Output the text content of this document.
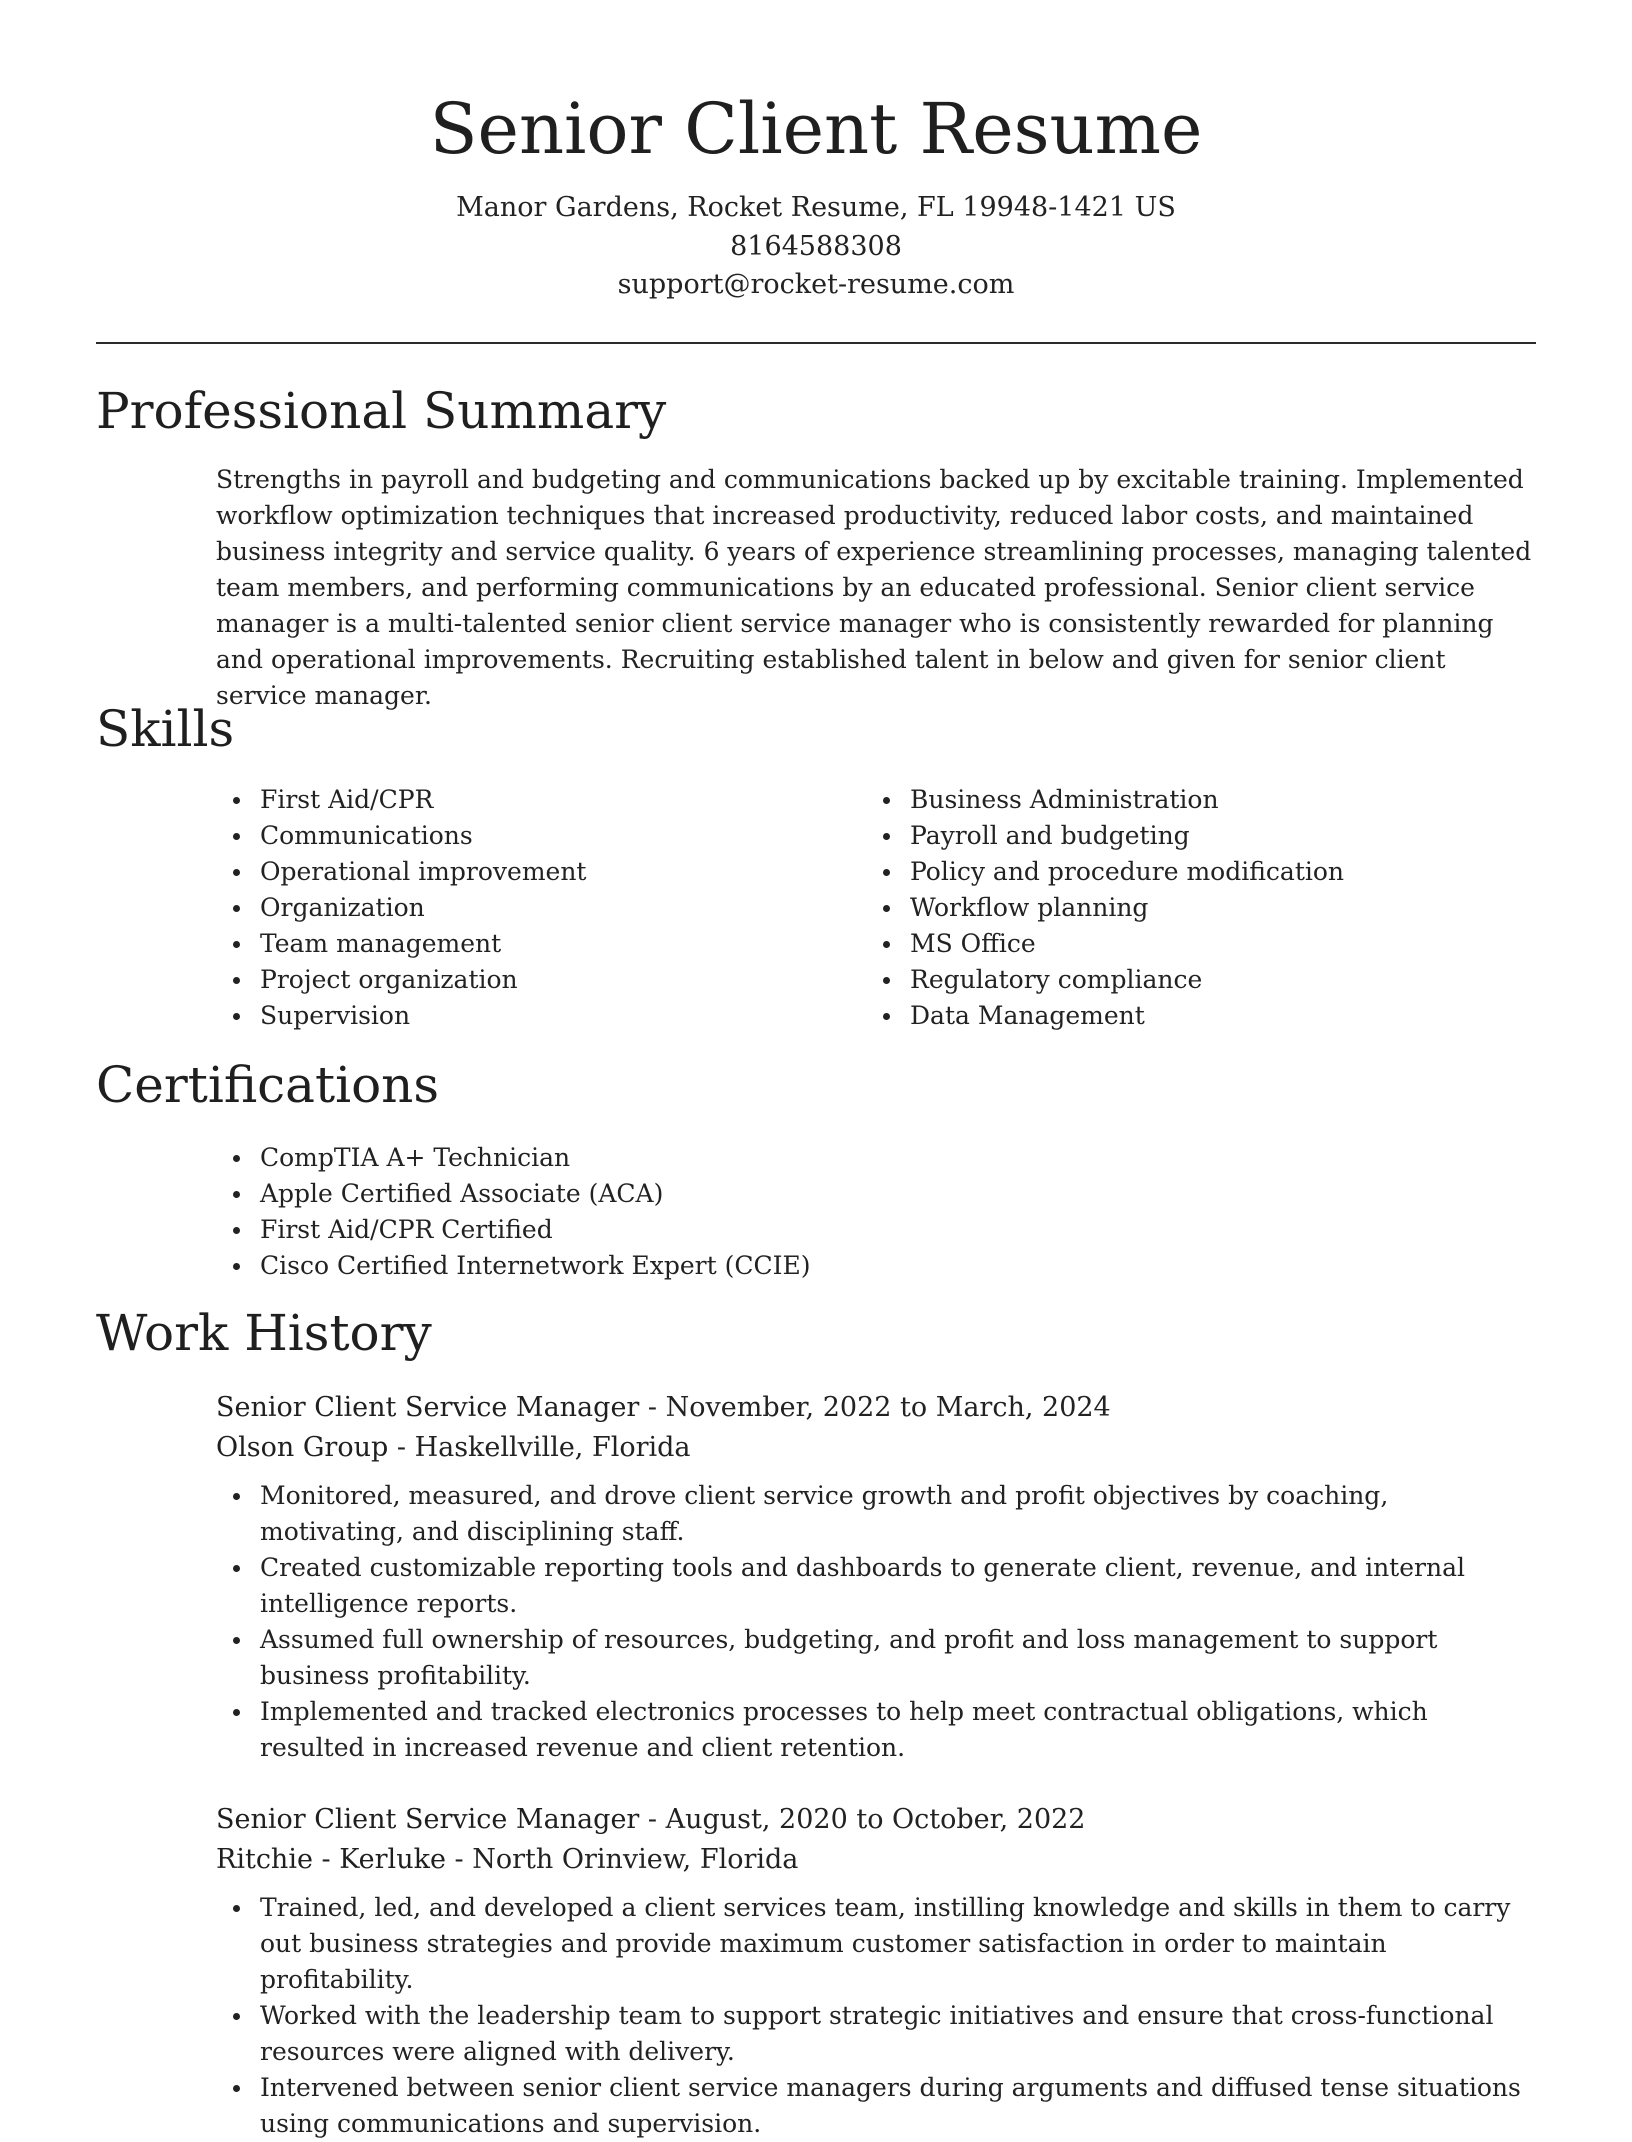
Senior Client Resume
Manor Gardens, Rocket Resume, FL 19948-1421 US
8164588308
support@rocket-resume.com
Professional Summary

Strengths in payroll and budgeting and communications backed up by excitable training. Implemented workflow optimization techniques that increased productivity, reduced labor costs, and maintained business integrity and service quality. 6 years of experience streamlining processes, managing talented team members, and performing communications by an educated professional. Senior client service manager is a multi-talented senior client service manager who is consistently rewarded for planning and operational improvements. Recruiting established talent in below and given for senior client service manager.

Skills
First Aid/CPR
Communications
Operational improvement
Organization
Team management
Project organization
Supervision
Business Administration
Payroll and budgeting
Policy and procedure modification
Workflow planning
MS Office
Regulatory compliance
Data Management
Certifications
CompTIA A+ Technician
Apple Certified Associate (ACA)
First Aid/CPR Certified
Cisco Certified Internetwork Expert (CCIE)
Work History
Senior Client Service Manager - November, 2022 to March, 2024
Olson Group - Haskellville, Florida
Monitored, measured, and drove client service growth and profit objectives by coaching, motivating, and disciplining staff.
Created customizable reporting tools and dashboards to generate client, revenue, and internal intelligence reports.
Assumed full ownership of resources, budgeting, and profit and loss management to support business profitability.
Implemented and tracked electronics processes to help meet contractual obligations, which resulted in increased revenue and client retention.
Senior Client Service Manager - August, 2020 to October, 2022
Ritchie - Kerluke - North Orinview, Florida
Trained, led, and developed a client services team, instilling knowledge and skills in them to carry out business strategies and provide maximum customer satisfaction in order to maintain profitability.
Worked with the leadership team to support strategic initiatives and ensure that cross-functional resources were aligned with delivery.
Intervened between senior client service managers during arguments and diffused tense situations using communications and supervision.
